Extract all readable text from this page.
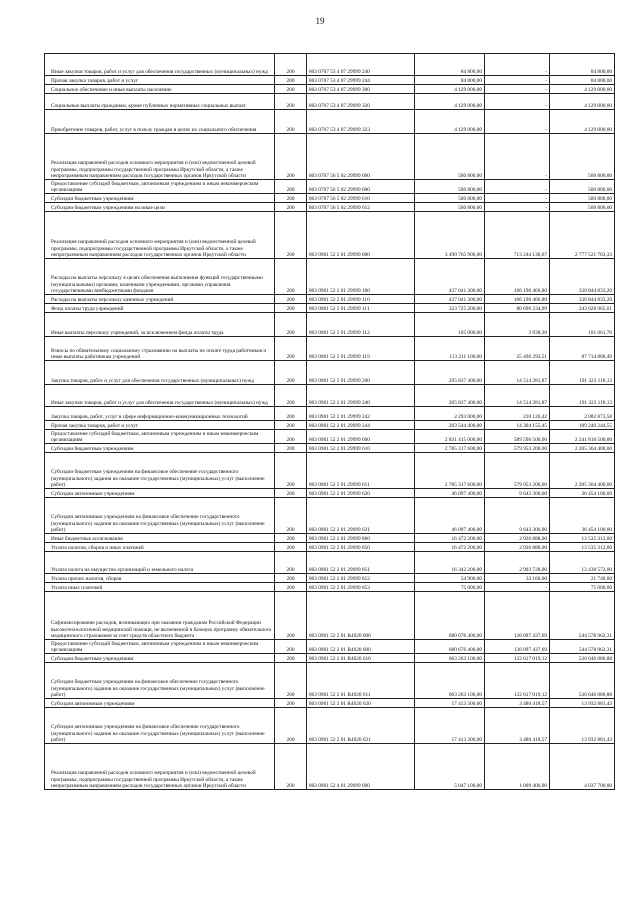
19
Иные закупки товаров, работ и услуг для обеспечения государственных (муниципальных) нужд	200	803 0707 53 4 07 29999 240	84 800,00	-	84 800,00
Прочая закупка товаров, работ и услуг	200	803 0707 53 4 07 29999 244	84 800,00	-	84 800,00
Социальное обеспечение и иные выплаты населению	200	803 0707 53 4 07 29999 300	4 129 000,00	-	4 129 000,00
Социальные выплаты гражданам, кроме публичных нормативных социальных выплат	200	803 0707 53 4 07 29999 320	4 129 000,00	-	4 129 000,00
Приобретение товаров, работ, услуг в пользу граждан в целях их социального обеспечения	200	803 0707 53 4 07 29999 323	4 129 000,00	-	4 129 000,00
Реализация направлений расходов основного мероприятия и (или) ведомственной целевой программы, подпрограммы государственной программы Иркутской области, а также непрограммным направлениям расходов государственных органов Иркутской области	200	803 0707 56 5 02 29999 000	500 800,00	-	500 800,00
Предоставление субсидий бюджетным, автономным учреждениям и иным некоммерческим организациям	200	803 0707 56 5 02 29999 600	500 800,00	-	500 800,00
Субсидии бюджетным учреждениям	200	803 0707 56 5 02 29999 610	500 800,00	-	500 800,00
Субсидии бюджетным учреждениям на иные цели	200	803 0707 56 5 02 29999 612	500 800,00	-	500 800,00
Реализация направлений расходов основного мероприятия и (или) ведомственной целевой программы, подпрограммы государственной программы Иркутской области, а также непрограммным направлениям расходов государственных органов Иркутской области	200	803 0901 52 2 01 29999 000	3 490 765 900,00	713 244 136,67	2 777 521 763,33
Расходы на выплаты персоналу в целях обеспечения выполнения функций государственными (муниципальными) органами, казенными учреждениями, органами управления государственными внебюджетными фондами	200	803 0901 52 2 01 29999 100	437 041 300,00	106 196 466,80	330 844 833,20
Расходы на выплаты персоналу казенных учреждений	200	803 0901 52 2 01 29999 110	437 041 300,00	106 196 466,80	330 844 833,20
Фонд оплаты труда учреждений	200	803 0901 52 2 01 29999 111	323 725 200,00	80 696 234,99	243 028 965,01
Иные выплаты персоналу учреждений, за исключением фонда оплаты труда	200	803 0901 52 2 01 29999 112	105 000,00	3 938,30	101 061,70
Взносы по обязательному социальному страхованию на выплаты по оплате труда работников и иные выплаты работникам учреждений	200	803 0901 52 2 01 29999 119	113 211 100,00	25 496 293,51	87 714 806,49
Закупка товаров, работ и услуг для обеспечения государственных (муниципальных) нужд	200	803 0901 52 2 01 29999 200	205 837 400,00	14 514 281,87	191 323 118,13
Иные закупки товаров, работ и услуг для обеспечения государственных (муниципальных) нужд	200	803 0901 52 2 01 29999 240	205 837 400,00	14 514 281,87	191 323 118,13
Закупка товаров, работ, услуг в сфере информационно-коммуникационных технологий	200	803 0901 52 2 01 29999 242	2 293 000,00	210 126,42	2 082 873,58
Прочая закупка товаров, работ и услуг	200	803 0901 52 2 01 29999 244	203 544 400,00	14 304 155,45	189 240 244,55
Предоставление субсидий бюджетным, автономным учреждениям и иным некоммерческим организациям	200	803 0901 52 2 01 29999 600	2 831 415 000,00	589 596 500,00	2 241 818 500,00
Субсидии бюджетным учреждениям	200	803 0901 52 2 01 29999 610	2 785 317 600,00	579 953 200,00	2 205 364 400,00
Субсидии бюджетным учреждениям на финансовое обеспечение государственного (муниципального) задания на оказание государственных (муниципальных) услуг (выполнение работ)	200	803 0901 52 2 01 29999 611	2 785 317 600,00	579 953 200,00	2 205 364 400,00
Субсидии автономным учреждениям	200	803 0901 52 2 01 29999 620	46 097 400,00	9 643 300,00	36 454 100,00
Субсидии автономным учреждениям на финансовое обеспечение государственного (муниципального) задания на оказание государственных (муниципальных) услуг (выполнение работ)	200	803 0901 52 2 01 29999 621	46 097 400,00	9 643 300,00	36 454 100,00
Иные бюджетные ассигнования	200	803 0901 52 2 01 29999 800	16 472 200,00	2 936 888,00	13 535 312,00
Уплата налогов, сборов и иных платежей	200	803 0901 52 2 01 29999 850	16 472 200,00	2 936 888,00	13 535 312,00
Уплата налога на имущество организаций и земельного налога	200	803 0901 52 2 01 29999 851	16 342 200,00	2 903 728,00	13 438 572,00
Уплата прочих налогов, сборов	200	803 0901 52 2 01 29999 852	54 900,00	33 160,00	21 740,00
Уплата иных платежей	200	803 0901 52 2 01 29999 853	75 000,00	-	75 000,00
Софинансирование расходов, возникающих при оказании гражданам Российской Федерации высокотехнологичной медицинской помощи, не включенной в базовую программу обязательного медицинского страхования за счет средств областного бюджета	200	803 0901 52 2 01 R4020 000	680 676 400,00	136 097 437,69	544 578 962,31
Предоставление субсидий бюджетным, автономным учреждениям и иным некоммерческим организациям	200	803 0901 52 2 01 R4020 600	680 676 400,00	136 097 437,69	544 578 962,31
Субсидии бюджетным учреждениям	200	803 0901 52 2 01 R4020 610	663 263 100,00	132 617 019,12	530 646 080,88
Субсидии бюджетным учреждениям на финансовое обеспечение государственного (муниципального) задания на оказание государственных (муниципальных) услуг (выполнение работ)	200	803 0901 52 2 01 R4020 611	663 263 100,00	132 617 019,12	530 646 080,88
Субсидии автономным учреждениям	200	803 0901 52 2 01 R4020 620	17 413 300,00	3 480 418,57	13 932 881,43
Субсидии автономным учреждениям на финансовое обеспечение государственного (муниципального) задания на оказание государственных (муниципальных) услуг (выполнение работ)	200	803 0901 52 2 01 R4020 621	17 413 300,00	3 480 418,57	13 932 881,43
Реализация направлений расходов основного мероприятия и (или) ведомственной целевой программы, подпрограммы государственной программы Иркутской области, а также непрограммным направлениям расходов государственных органов Иркутской области	200	803 0901 52 4 01 29999 000	5 047 100,00	1 009 400,00	4 037 700,00
